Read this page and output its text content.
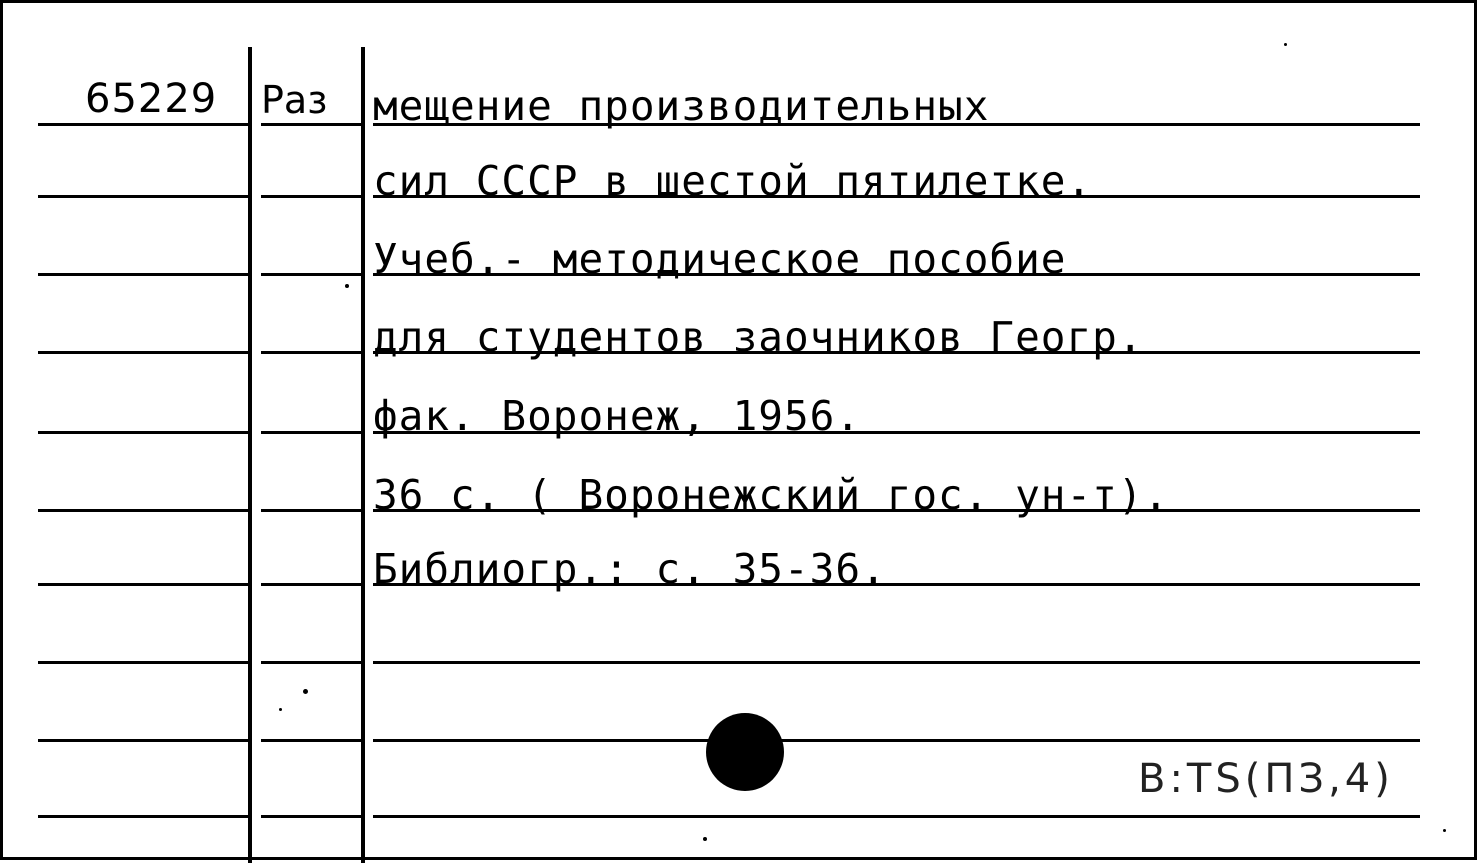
65229 Раз мещение производительных
сил СССР в шестой пятилетке.
Учеб.- методическое пособие
для студентов заочников Геогр.
фак. Воронеж, 1956.
36 с. ( Воронежский гос. ун-т).
Библиогр.: с. 35-36.
В:TS(ПЗ,4)
